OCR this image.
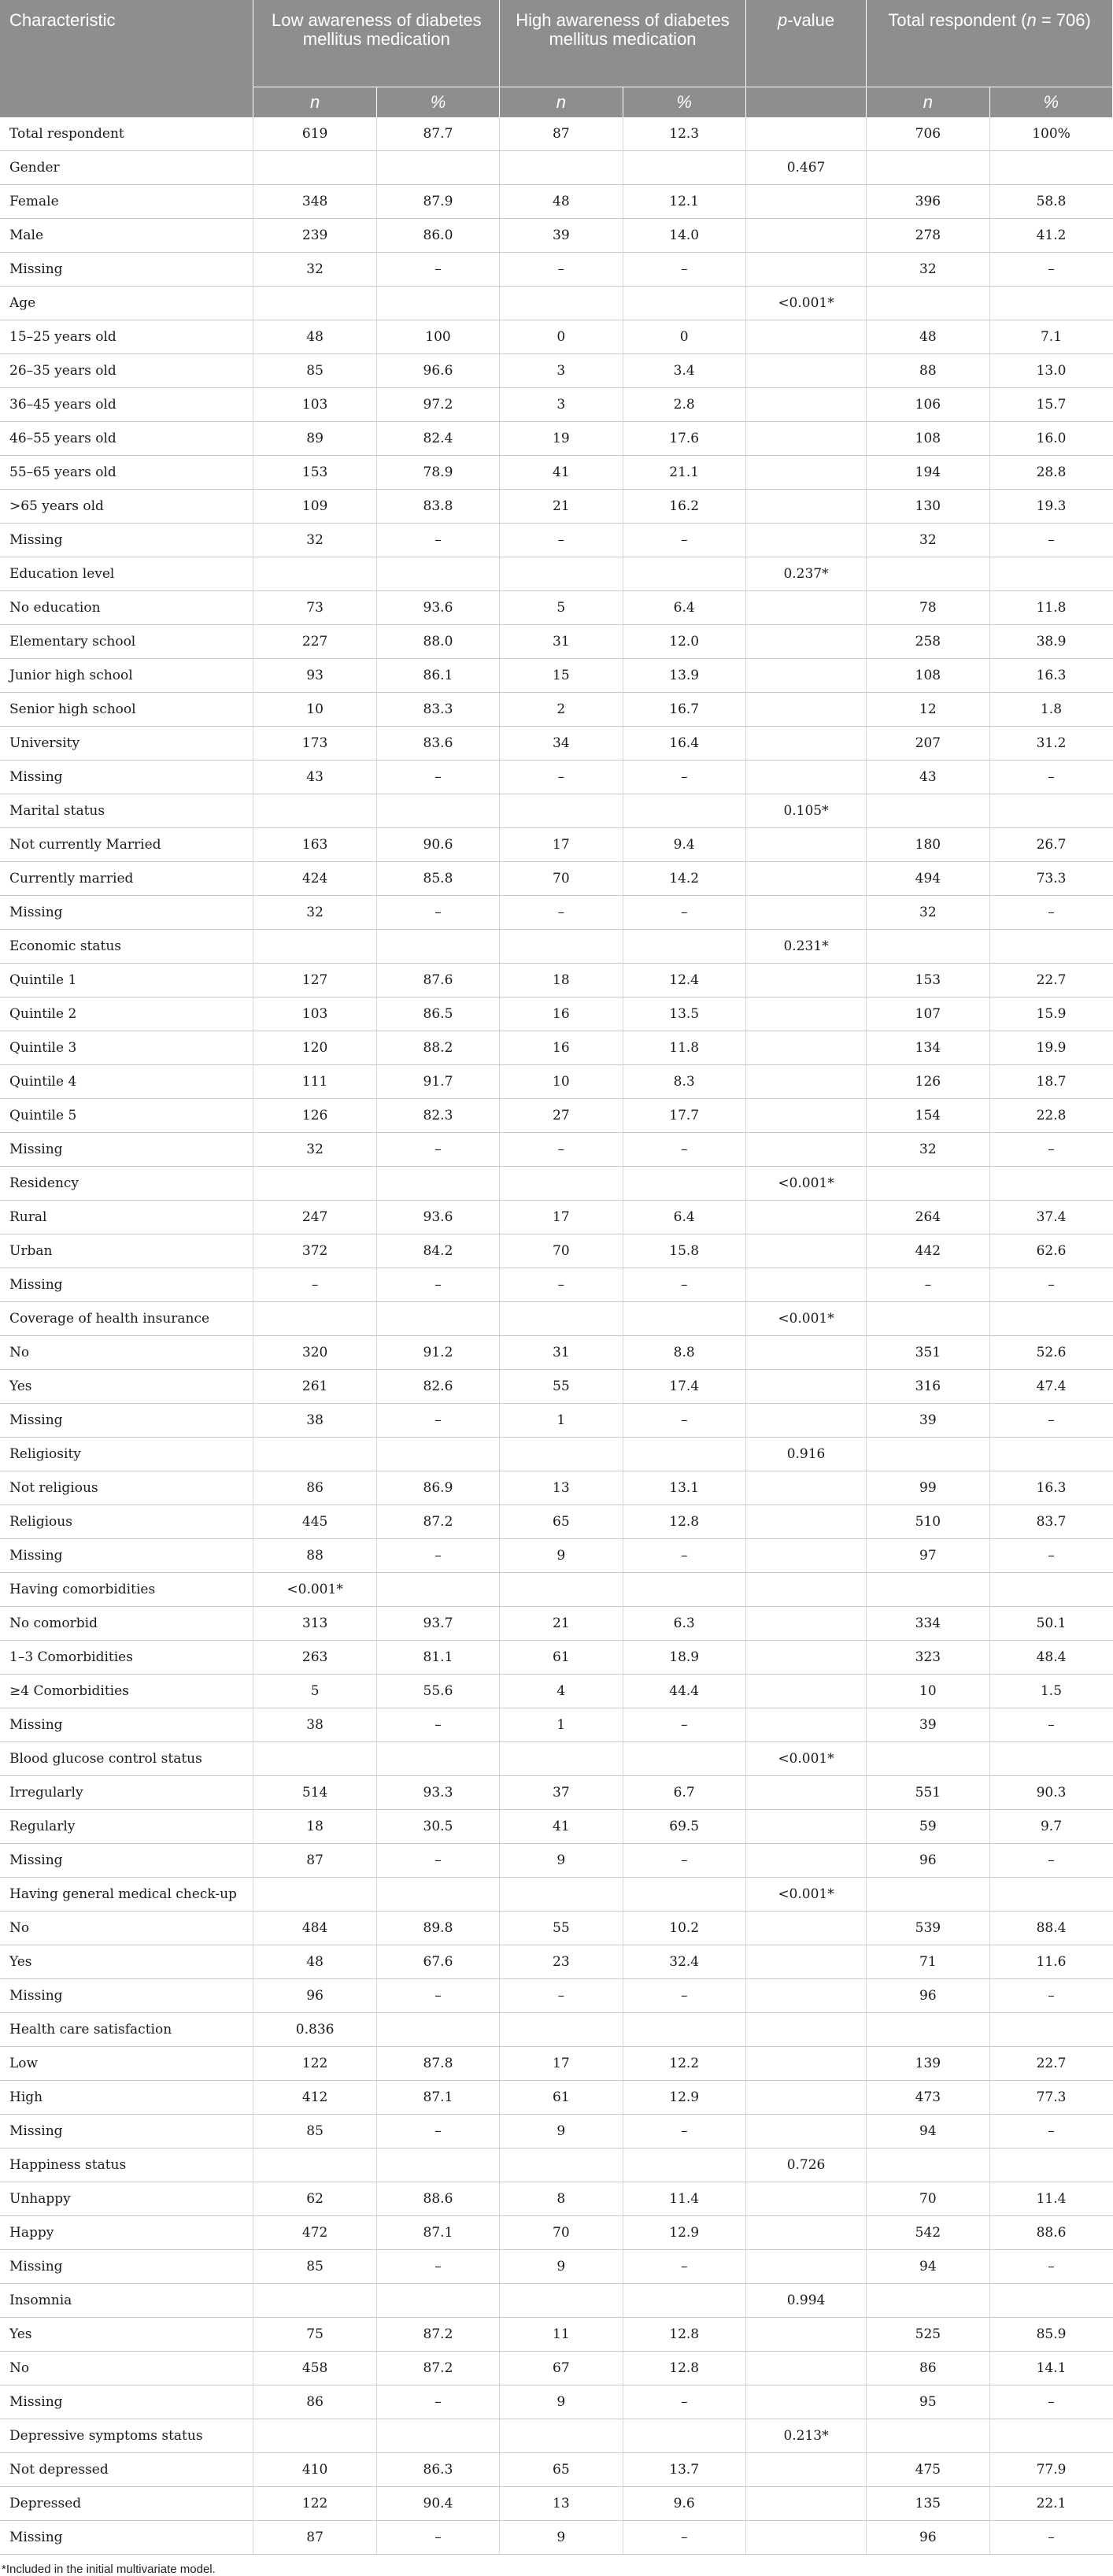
Characteristic	Low awareness of diabetes mellitus medication		High awareness of diabetes mellitus medication		p-value	Total respondent (n = 706)	
	n	%	n	%		n	%
Total respondent	619	87.7	87	12.3		706	100%
Gender					0.467		
Female	348	87.9	48	12.1		396	58.8
Male	239	86.0	39	14.0		278	41.2
Missing	32	–	–	–		32	–
Age					<0.001*		
15–25 years old	48	100	0	0		48	7.1
26–35 years old	85	96.6	3	3.4		88	13.0
36–45 years old	103	97.2	3	2.8		106	15.7
46–55 years old	89	82.4	19	17.6		108	16.0
55–65 years old	153	78.9	41	21.1		194	28.8
>65 years old	109	83.8	21	16.2		130	19.3
Missing	32	–	–	–		32	–
Education level					0.237*		
No education	73	93.6	5	6.4		78	11.8
Elementary school	227	88.0	31	12.0		258	38.9
Junior high school	93	86.1	15	13.9		108	16.3
Senior high school	10	83.3	2	16.7		12	1.8
University	173	83.6	34	16.4		207	31.2
Missing	43	–	–	–		43	–
Marital status					0.105*		
Not currently Married	163	90.6	17	9.4		180	26.7
Currently married	424	85.8	70	14.2		494	73.3
Missing	32	–	–	–		32	–
Economic status					0.231*		
Quintile 1	127	87.6	18	12.4		153	22.7
Quintile 2	103	86.5	16	13.5		107	15.9
Quintile 3	120	88.2	16	11.8		134	19.9
Quintile 4	111	91.7	10	8.3		126	18.7
Quintile 5	126	82.3	27	17.7		154	22.8
Missing	32	–	–	–		32	–
Residency					<0.001*		
Rural	247	93.6	17	6.4		264	37.4
Urban	372	84.2	70	15.8		442	62.6
Missing	–	–	–	–		–	–
Coverage of health insurance					<0.001*		
No	320	91.2	31	8.8		351	52.6
Yes	261	82.6	55	17.4		316	47.4
Missing	38	–	1	–		39	–
Religiosity					0.916		
Not religious	86	86.9	13	13.1		99	16.3
Religious	445	87.2	65	12.8		510	83.7
Missing	88	–	9	–		97	–
Having comorbidities	<0.001*						
No comorbid	313	93.7	21	6.3		334	50.1
1–3 Comorbidities	263	81.1	61	18.9		323	48.4
≥4 Comorbidities	5	55.6	4	44.4		10	1.5
Missing	38	–	1	–		39	–
Blood glucose control status					<0.001*		
Irregularly	514	93.3	37	6.7		551	90.3
Regularly	18	30.5	41	69.5		59	9.7
Missing	87	–	9	–		96	–
Having general medical check-up					<0.001*		
No	484	89.8	55	10.2		539	88.4
Yes	48	67.6	23	32.4		71	11.6
Missing	96	–	–	–		96	–
Health care satisfaction	0.836						
Low	122	87.8	17	12.2		139	22.7
High	412	87.1	61	12.9		473	77.3
Missing	85	–	9	–		94	–
Happiness status					0.726		
Unhappy	62	88.6	8	11.4		70	11.4
Happy	472	87.1	70	12.9		542	88.6
Missing	85	–	9	–		94	–
Insomnia					0.994		
Yes	75	87.2	11	12.8		525	85.9
No	458	87.2	67	12.8		86	14.1
Missing	86	–	9	–		95	–
Depressive symptoms status					0.213*		
Not depressed	410	86.3	65	13.7		475	77.9
Depressed	122	90.4	13	9.6		135	22.1
Missing	87	–	9	–		96	–
*Included in the initial multivariate model.
